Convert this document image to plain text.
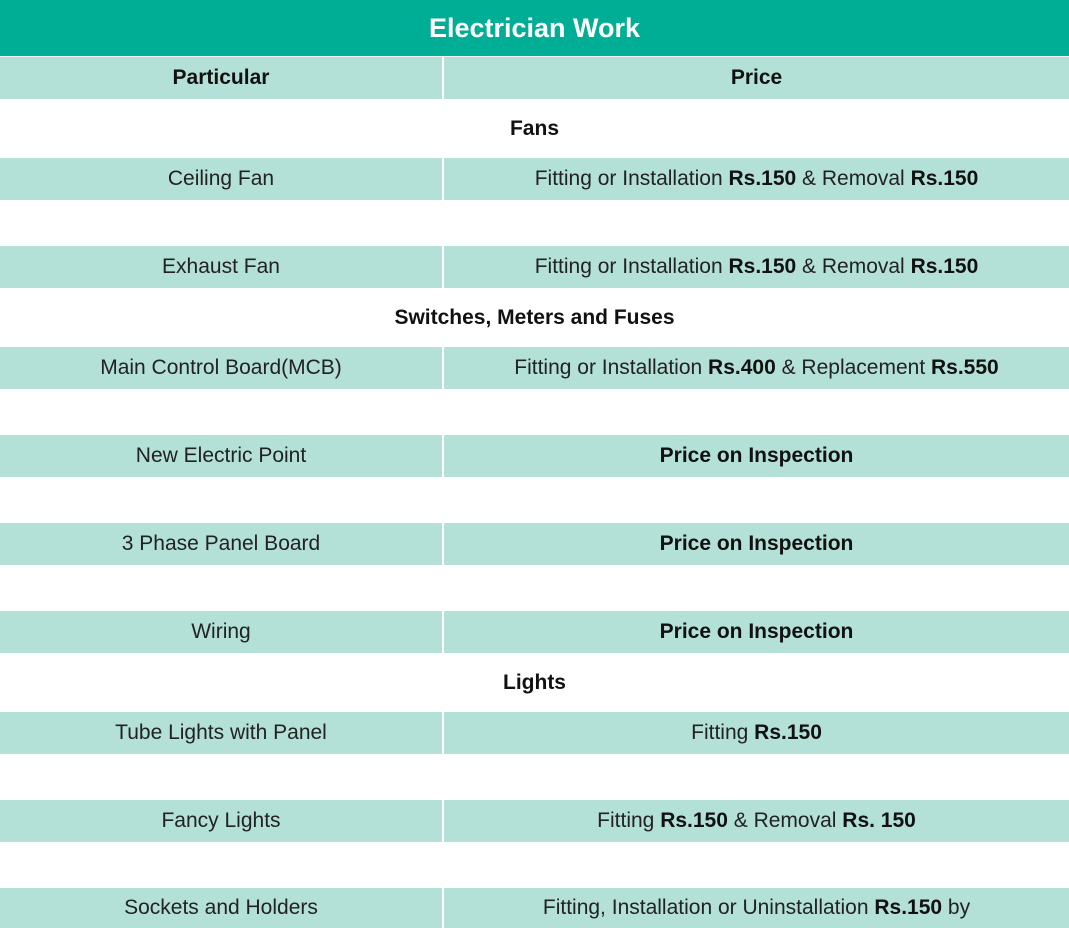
Electrician Work
Particular	Price
Fans
Ceiling Fan	Fitting or Installation Rs.150 & Removal Rs.150
Exhaust Fan	Fitting or Installation Rs.150 & Removal Rs.150
Switches, Meters and Fuses
Main Control Board(MCB)	Fitting or Installation Rs.400 & Replacement Rs.550
New Electric Point	Price on Inspection
3 Phase Panel Board	Price on Inspection
Wiring	Price on Inspection
Lights
Tube Lights with Panel	Fitting Rs.150
Fancy Lights	Fitting Rs.150 & Removal Rs. 150
Sockets and Holders	Fitting, Installation or Uninstallation Rs.150 by
